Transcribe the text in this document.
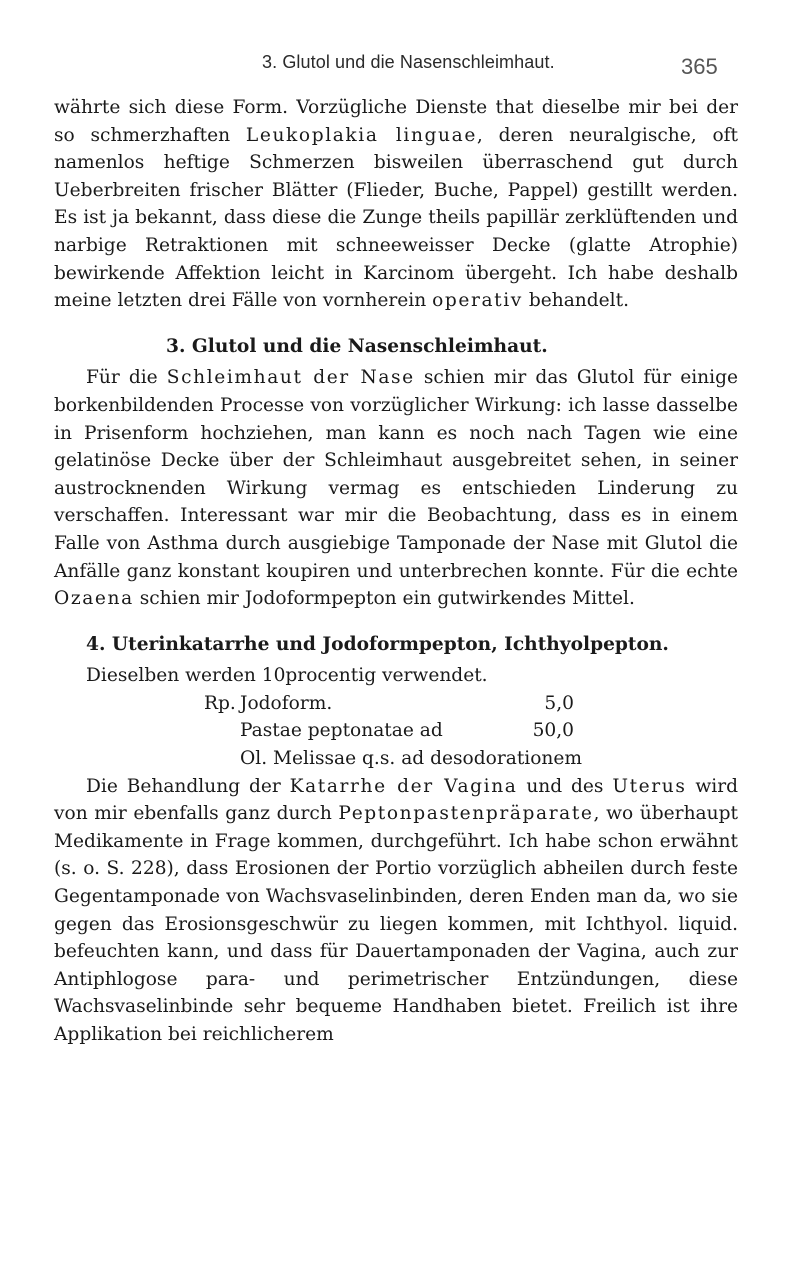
3. Glutol und die Nasenschleimhaut.	365

währte sich diese Form. Vorzügliche Dienste that dieselbe mir bei der so schmerzhaften Leukoplakia linguae, deren neuralgische, oft namenlos heftige Schmerzen bisweilen überraschend gut durch Ueberbreiten frischer Blätter (Flieder, Buche, Pappel) gestillt werden. Es ist ja bekannt, dass diese die Zunge theils papillär zerklüftenden und narbige Retraktionen mit schneeweisser Decke (glatte Atrophie) bewirkende Affektion leicht in Karcinom übergeht. Ich habe deshalb meine letzten drei Fälle von vornherein operativ behandelt.

3. Glutol und die Nasenschleimhaut.

Für die Schleimhaut der Nase schien mir das Glutol für einige borkenbildenden Processe von vorzüglicher Wirkung: ich lasse dasselbe in Prisenform hochziehen, man kann es noch nach Tagen wie eine gelatinöse Decke über der Schleimhaut ausgebreitet sehen, in seiner austrocknenden Wirkung vermag es entschieden Linderung zu verschaffen. Interessant war mir die Beobachtung, dass es in einem Falle von Asthma durch ausgiebige Tamponade der Nase mit Glutol die Anfälle ganz konstant koupiren und unterbrechen konnte. Für die echte Ozaena schien mir Jodoformpepton ein gutwirkendes Mittel.

4. Uterinkatarrhe und Jodoformpepton, Ichthyolpepton.

Dieselben werden 10procentig verwendet.

Rp. Jodoform.	5,0
Pastae peptonatae ad	50,0
Ol. Melissae q.s. ad desodorationem

Die Behandlung der Katarrhe der Vagina und des Uterus wird von mir ebenfalls ganz durch Peptonpastenpräparate, wo überhaupt Medikamente in Frage kommen, durchgeführt. Ich habe schon erwähnt (s. o. S. 228), dass Erosionen der Portio vorzüglich abheilen durch feste Gegentamponade von Wachsvaselinbinden, deren Enden man da, wo sie gegen das Erosionsgeschwür zu liegen kommen, mit Ichthyol. liquid. befeuchten kann, und dass für Dauertamponaden der Vagina, auch zur Antiphlogose para- und perimetrischer Entzündungen, diese Wachsvaselinbinde sehr bequeme Handhaben bietet. Freilich ist ihre Applikation bei reichlicherem
